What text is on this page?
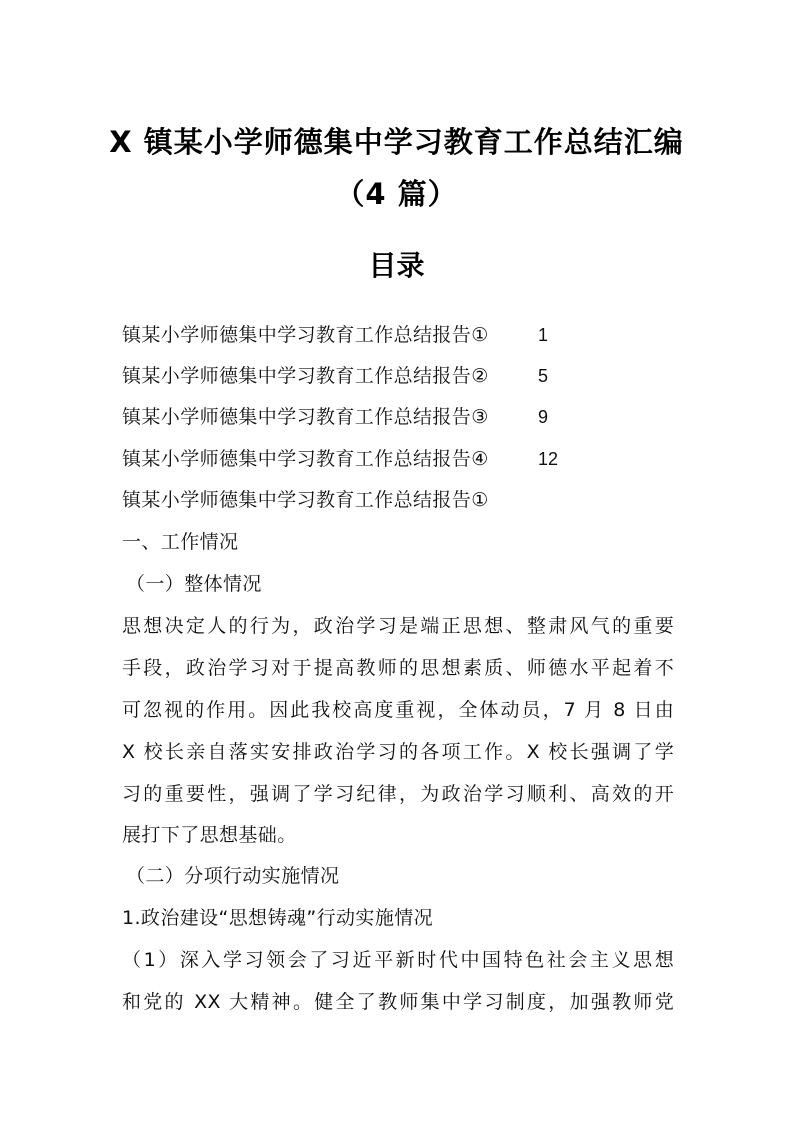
X 镇某小学师德集中学习教育工作总结汇编
（4 篇）
目录
镇某小学师德集中学习教育工作总结报告①	1
镇某小学师德集中学习教育工作总结报告②	5
镇某小学师德集中学习教育工作总结报告③	9
镇某小学师德集中学习教育工作总结报告④	12
镇某小学师德集中学习教育工作总结报告①
一、工作情况
（一）整体情况
思想决定人的行为，政治学习是端正思想、整肃风气的重要
手段，政治学习对于提高教师的思想素质、师德水平起着不
可忽视的作用。因此我校高度重视，全体动员，7 月 8 日由
X 校长亲自落实安排政治学习的各项工作。X 校长强调了学
习的重要性，强调了学习纪律，为政治学习顺利、高效的开
展打下了思想基础。
（二）分项行动实施情况
1.政治建设“思想铸魂”行动实施情况
（1）深入学习领会了习近平新时代中国特色社会主义思想
和党的 XX 大精神。健全了教师集中学习制度，加强教师党
